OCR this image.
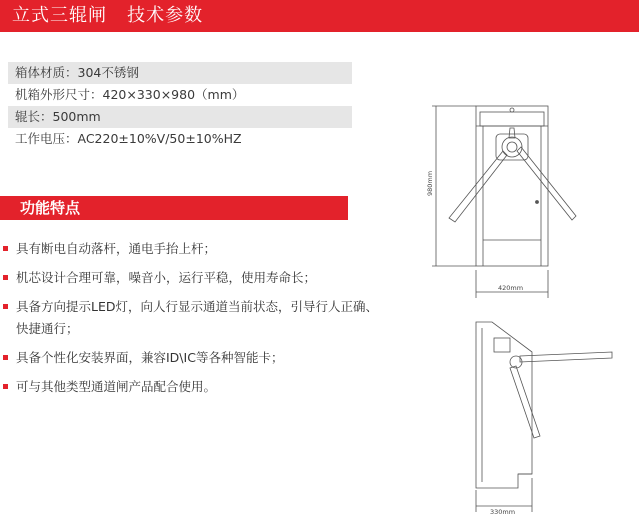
立式三辊闸   技术参数
箱体材质：304不锈钢
机箱外形尺寸：420×330×980（mm）
辊长：500mm
工作电压：AC220±10%V/50±10%HZ
功能特点
具有断电自动落杆，通电手抬上杆；
机芯设计合理可靠，噪音小，运行平稳，使用寿命长；
具备方向提示LED灯，向人行显示通道当前状态，引导行人正确、快捷通行；
具备个性化安装界面，兼容ID\IC等各种智能卡；
可与其他类型通道闸产品配合使用。
980mm
420mm
330mm
